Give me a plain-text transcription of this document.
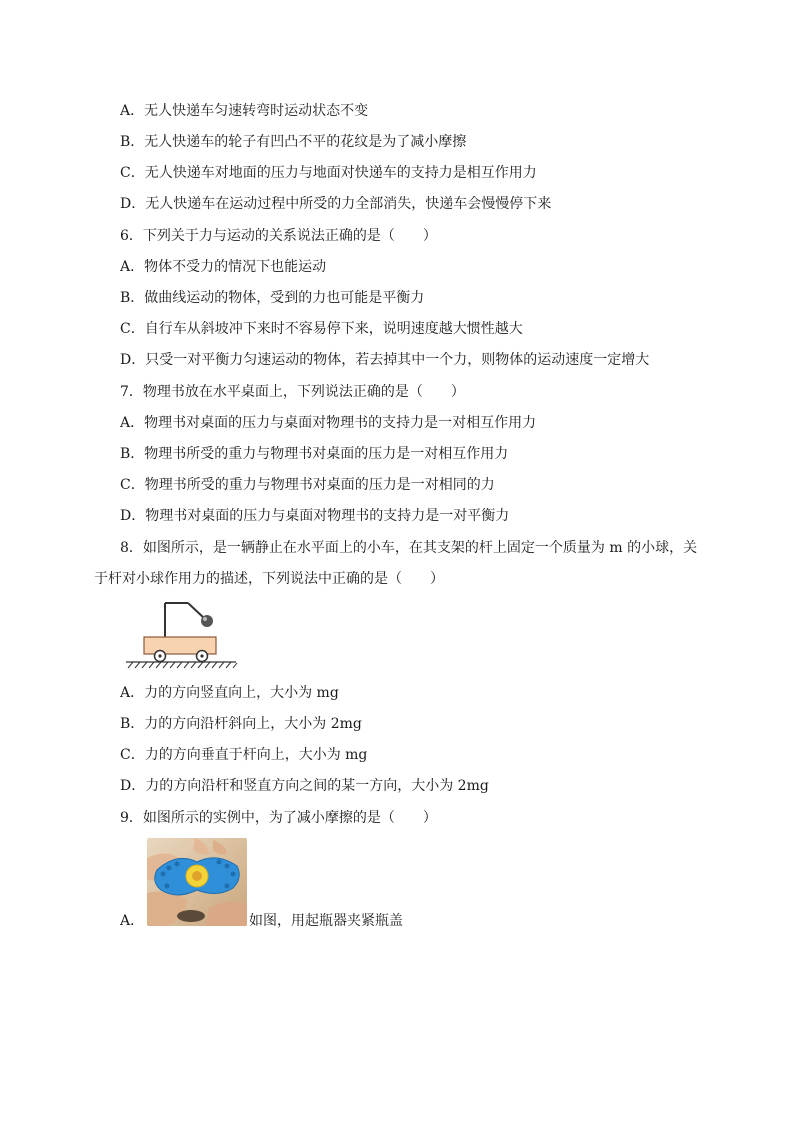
A．无人快递车匀速转弯时运动状态不变
B．无人快递车的轮子有凹凸不平的花纹是为了减小摩擦
C．无人快递车对地面的压力与地面对快递车的支持力是相互作用力
D．无人快递车在运动过程中所受的力全部消失，快递车会慢慢停下来
6．下列关于力与运动的关系说法正确的是（　　）
A．物体不受力的情况下也能运动
B．做曲线运动的物体，受到的力也可能是平衡力
C．自行车从斜坡冲下来时不容易停下来，说明速度越大惯性越大
D．只受一对平衡力匀速运动的物体，若去掉其中一个力，则物体的运动速度一定增大
7．物理书放在水平桌面上，下列说法正确的是（　　）
A．物理书对桌面的压力与桌面对物理书的支持力是一对相互作用力
B．物理书所受的重力与物理书对桌面的压力是一对相互作用力
C．物理书所受的重力与物理书对桌面的压力是一对相同的力
D．物理书对桌面的压力与桌面对物理书的支持力是一对平衡力
8．如图所示，是一辆静止在水平面上的小车，在其支架的杆上固定一个质量为 m 的小球，关
于杆对小球作用力的描述，下列说法中正确的是（　　）
A．力的方向竖直向上，大小为 mg
B．力的方向沿杆斜向上，大小为 2mg
C．力的方向垂直于杆向上，大小为 mg
D．力的方向沿杆和竖直方向之间的某一方向，大小为 2mg
9．如图所示的实例中，为了减小摩擦的是（　　）
A．	如图，用起瓶器夹紧瓶盖
